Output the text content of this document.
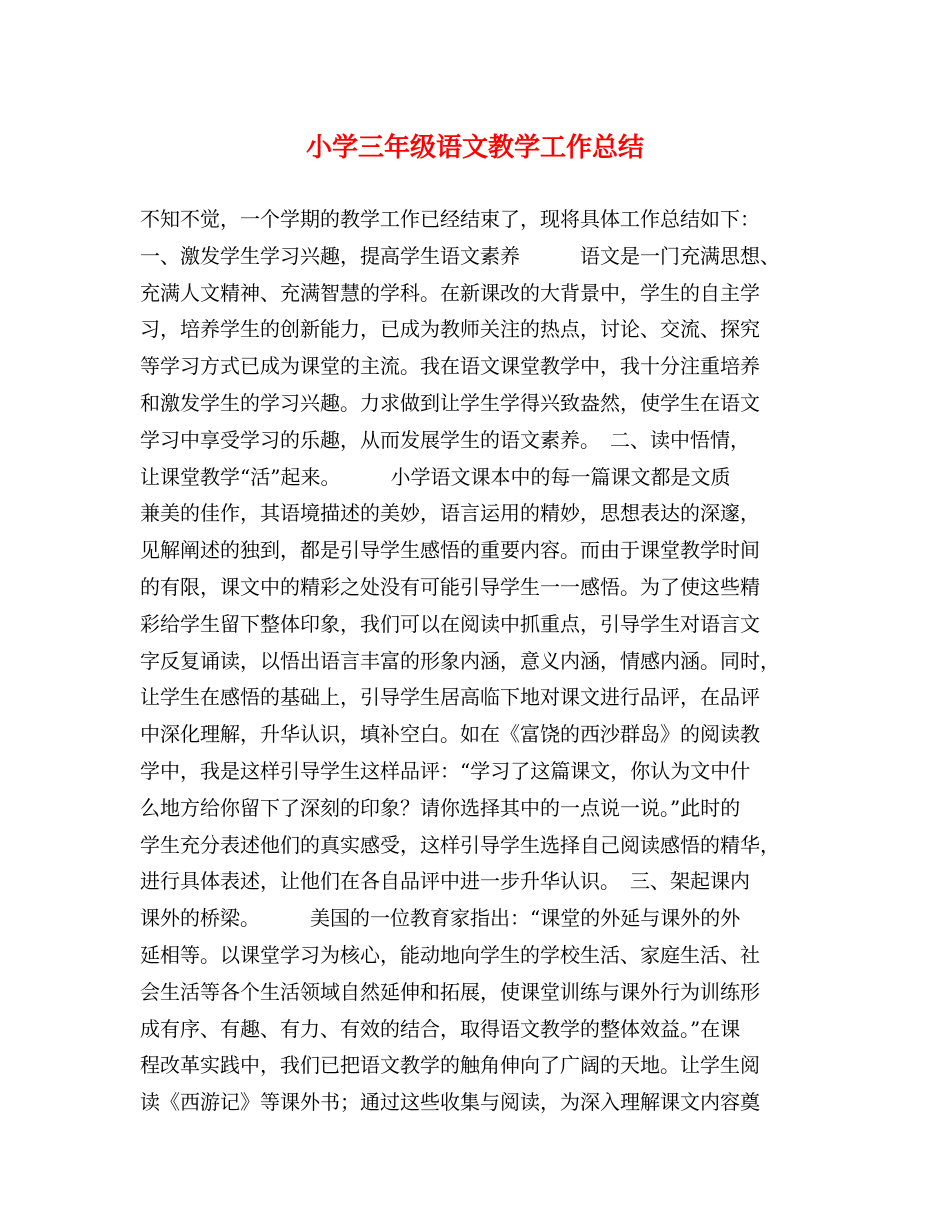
小学三年级语文教学工作总结
不知不觉，一个学期的教学工作已经结束了，现将具体工作总结如下：
一、激发学生学习兴趣，提高学生语文素养　　　语文是一门充满思想、
充满人文精神、充满智慧的学科。在新课改的大背景中，学生的自主学
习，培养学生的创新能力，已成为教师关注的热点，讨论、交流、探究
等学习方式已成为课堂的主流。我在语文课堂教学中，我十分注重培养
和激发学生的学习兴趣。力求做到让学生学得兴致盎然，使学生在语文
学习中享受学习的乐趣，从而发展学生的语文素养。　二、读中悟情，
让课堂教学“活”起来。　　　小学语文课本中的每一篇课文都是文质
兼美的佳作，其语境描述的美妙，语言运用的精妙，思想表达的深邃，
见解阐述的独到，都是引导学生感悟的重要内容。而由于课堂教学时间
的有限，课文中的精彩之处没有可能引导学生一一感悟。为了使这些精
彩给学生留下整体印象，我们可以在阅读中抓重点，引导学生对语言文
字反复诵读，以悟出语言丰富的形象内涵，意义内涵，情感内涵。同时，
让学生在感悟的基础上，引导学生居高临下地对课文进行品评，在品评
中深化理解，升华认识，填补空白。如在《富饶的西沙群岛》的阅读教
学中，我是这样引导学生这样品评：“学习了这篇课文，你认为文中什
么地方给你留下了深刻的印象？请你选择其中的一点说一说。”此时的
学生充分表述他们的真实感受，这样引导学生选择自己阅读感悟的精华，
进行具体表述，让他们在各自品评中进一步升华认识。　三、架起课内
课外的桥梁。　　　美国的一位教育家指出：“课堂的外延与课外的外
延相等。以课堂学习为核心，能动地向学生的学校生活、家庭生活、社
会生活等各个生活领域自然延伸和拓展，使课堂训练与课外行为训练形
成有序、有趣、有力、有效的结合，取得语文教学的整体效益。”在课
程改革实践中，我们已把语文教学的触角伸向了广阔的天地。让学生阅
读《西游记》等课外书；通过这些收集与阅读，为深入理解课文内容奠
